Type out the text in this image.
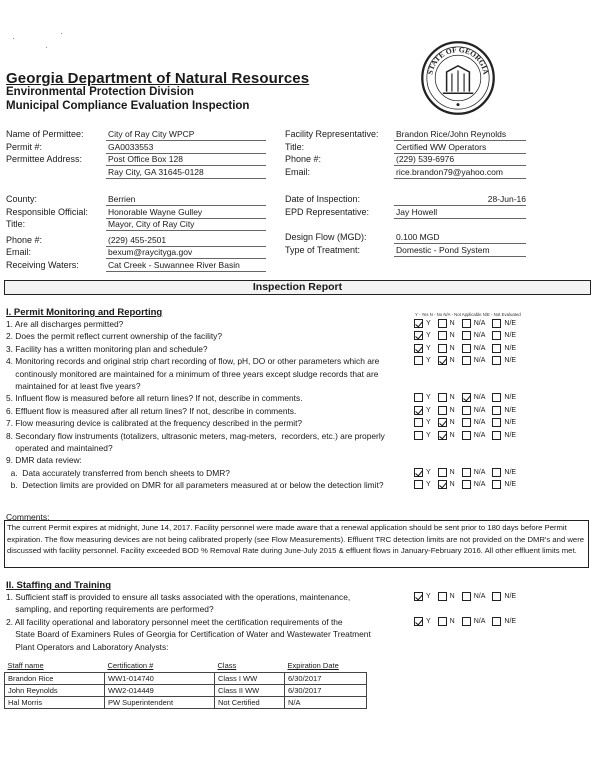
·
·
·
Georgia Department of Natural Resources
Environmental Protection Division
Municipal Compliance Evaluation Inspection
STATE OF GEORGIA
Name of Permittee:	City of Ray City WPCP
Permit #:	GA0033553
Permittee Address:	Post Office Box 128
Ray City, GA 31645-0128
Facility Representative: Brandon Rice/John Reynolds
Title:	Certified WW Operators
Phone #:	(229) 539-6976
Email:	rice.brandon79@yahoo.com
County:	Berrien
Responsible Official: Honorable Wayne Gulley
Title:	Mayor, City of Ray City
Phone #:	(229) 455-2501
Email:	bexum@raycityga.gov
Receiving Waters:	Cat Creek - Suwannee River Basin
Date of Inspection:	28-Jun-16
EPD Representative:	Jay Howell
Design Flow (MGD):	0.100 MGD
Type of Treatment:	Domestic - Pond System
Inspection Report
I. Permit Monitoring and Reporting	Y - Yes N - No N/A - Not Applicable N/E - Not Evaluated
1. Are all discharges permitted?	Y	N	N/A	N/E
2. Does the permit reflect current ownership of the facility?	Y	N	N/A	N/E
3. Facility has a written monitoring plan and schedule?	Y	N	N/A	N/E
4. Monitoring records and original strip chart recording of flow, pH, DO or other parameters which are
continously monitored are maintained for a minimum of three years except sludge records that are
maintained for at least five years?
Y	N	N/A	N/E
5. Influent flow is measured before all return lines? If not, describe in comments.	Y	N	N/A	N/E
6. Effluent flow is measured after all return lines? If not, describe in comments.	Y	N	N/A	N/E
7. Flow measuring device is calibrated at the frequency described in the permit?	Y	N	N/A	N/E
8. Secondary flow instruments (totalizers, ultrasonic meters, mag-meters,  recorders, etc.) are properly
operated and maintained?
Y	N	N/A	N/E
9. DMR data review:
a.  Data accurately transferred from bench sheets to DMR?	Y	N	N/A	N/E
b.  Detection limits are provided on DMR for all parameters measured at or below the detection limit?	Y	N	N/A	N/E
Comments:
The current Permit expires at midnight, June 14, 2017. Facility personnel were made aware that a renewal application should be sent prior to 180 days before Permit expiration. The flow measuring devices are not being calibrated properly (see Flow Measurements). Effluent TRC detection limits are not provided on the DMR's and were discussed with facility personnel. Facility exceeded BOD % Removal Rate during June-July 2015 & effluent flows in January-February 2016. All other effluent limits met.
II. Staffing and Training
1. Sufficient staff is provided to ensure all tasks associated with the operations, maintenance,
sampling, and reporting requirements are performed?
Y	N	N/A	N/E
2. All facility operational and laboratory personnel meet the certification requirements of the
State Board of Examiners Rules of Georgia for Certification of Water and Wastewater Treatment
Plant Operators and Laboratory Analysts:
Y	N	N/A	N/E
Staff name	Certification #	Class	Expiration Date
Brandon Rice	WW1-014740	Class I WW	6/30/2017
John Reynolds	WW2-014449	Class II WW	6/30/2017
Hal Morris	PW Superintendent	Not Certified	N/A
